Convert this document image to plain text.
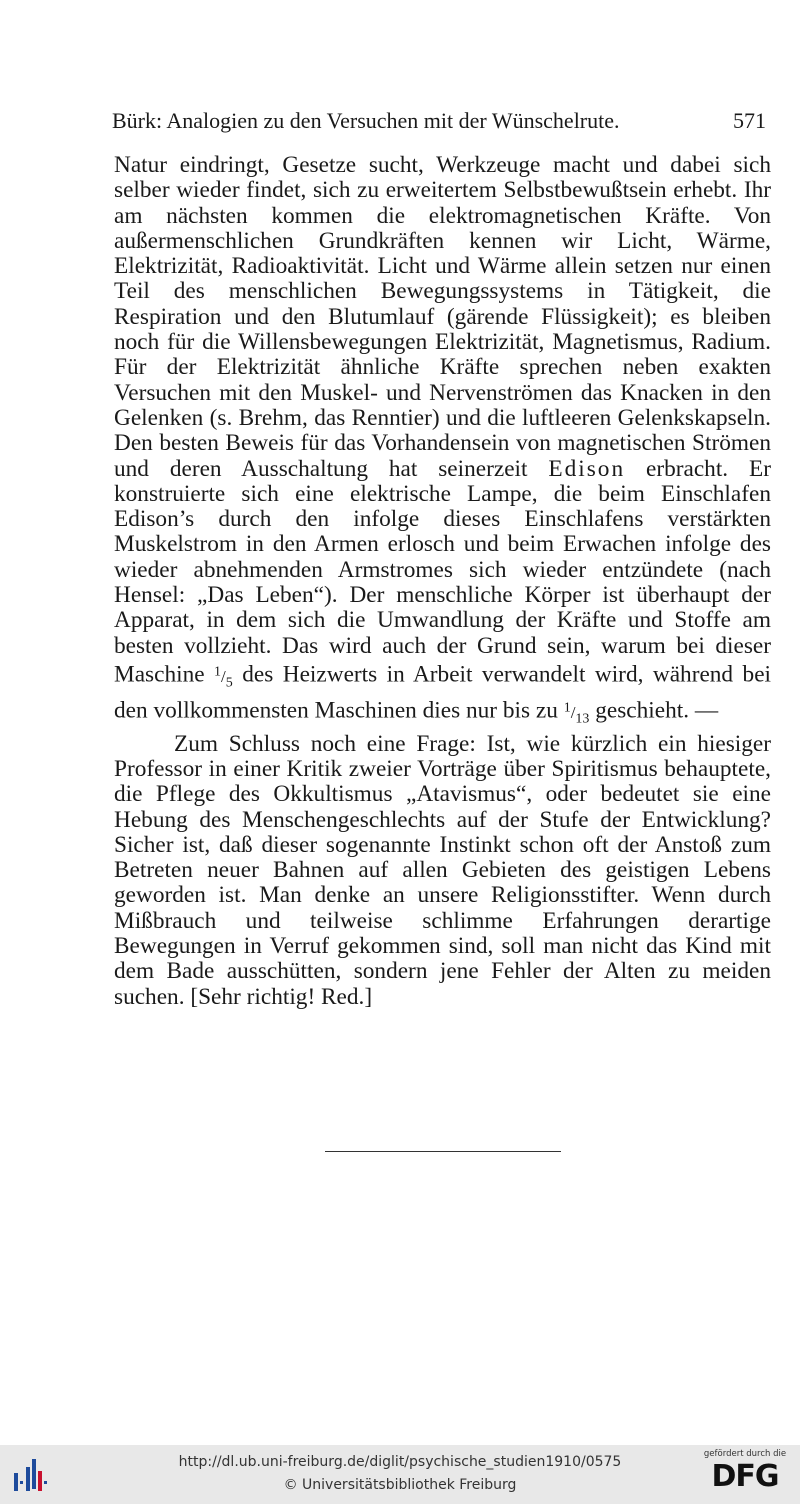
Bürk: Analogien zu den Versuchen mit der Wünschelrute.	571

Natur eindringt, Gesetze sucht, Werkzeuge macht und dabei sich selber wieder findet, sich zu erweitertem Selbstbewußtsein erhebt. Ihr am nächsten kommen die elektromagnetischen Kräfte. Von außermenschlichen Grundkräften kennen wir Licht, Wärme, Elektrizität, Radioaktivität. Licht und Wärme allein setzen nur einen Teil des menschlichen Bewegungssystems in Tätigkeit, die Respiration und den Blutumlauf (gärende Flüssigkeit); es bleiben noch für die Willensbewegungen Elektrizität, Magnetismus, Radium. Für der Elektrizität ähnliche Kräfte sprechen neben exakten Versuchen mit den Muskel- und Nervenströmen das Knacken in den Gelenken (s. Brehm, das Renntier) und die luftleeren Gelenkskapseln. Den besten Beweis für das Vorhandensein von magnetischen Strömen und deren Ausschaltung hat seinerzeit Edison erbracht. Er konstruierte sich eine elektrische Lampe, die beim Einschlafen Edison’s durch den infolge dieses Einschlafens verstärkten Muskelstrom in den Armen erlosch und beim Erwachen infolge des wieder abnehmenden Armstromes sich wieder entzündete (nach Hensel: „Das Leben“). Der menschliche Körper ist überhaupt der Apparat, in dem sich die Umwandlung der Kräfte und Stoffe am besten vollzieht. Das wird auch der Grund sein, warum bei dieser Maschine $^1/_5$ des Heizwerts in Arbeit verwandelt wird, während bei den vollkommensten Maschinen dies nur bis zu $^1/_{13}$ geschieht. —

Zum Schluss noch eine Frage: Ist, wie kürzlich ein hiesiger Professor in einer Kritik zweier Vorträge über Spiritismus behauptete, die Pflege des Okkultismus „Atavismus“, oder bedeutet sie eine Hebung des Menschengeschlechts auf der Stufe der Entwicklung? Sicher ist, daß dieser sogenannte Instinkt schon oft der Anstoß zum Betreten neuer Bahnen auf allen Gebieten des geistigen Lebens geworden ist. Man denke an unsere Religionsstifter. Wenn durch Mißbrauch und teilweise schlimme Erfahrungen derartige Bewegungen in Verruf gekommen sind, soll man nicht das Kind mit dem Bade ausschütten, sondern jene Fehler der Alten zu meiden suchen. [Sehr richtig! Red.]

http://dl.ub.uni-freiburg.de/diglit/psychische_studien1910/0575
© Universitätsbibliothek Freiburg
gefördert durch die
DFG
